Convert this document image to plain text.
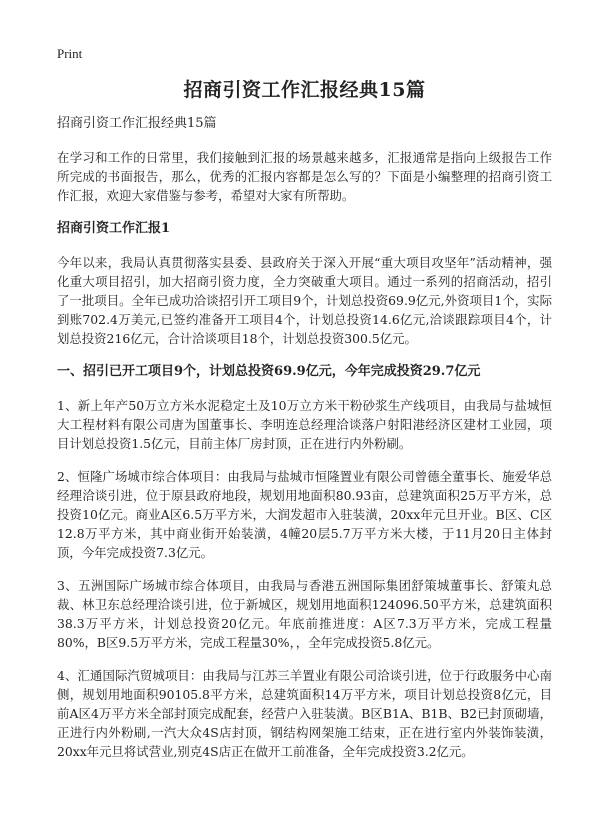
Print
招商引资工作汇报经典15篇

招商引资工作汇报经典15篇

在学习和工作的日常里，我们接触到汇报的场景越来越多，汇报通常是指向上级报告工作所完成的书面报告，那么，优秀的汇报内容都是怎么写的？下面是小编整理的招商引资工作汇报，欢迎大家借鉴与参考，希望对大家有所帮助。

招商引资工作汇报1

今年以来，我局认真贯彻落实县委、县政府关于深入开展“重大项目攻坚年”活动精神，强化重大项目招引，加大招商引资力度，全力突破重大项目。通过一系列的招商活动，招引了一批项目。全年已成功洽谈招引开工项目9个，计划总投资69.9亿元,外资项目1个，实际到账702.4万美元,已签约准备开工项目4个，计划总投资14.6亿元,洽谈跟踪项目4个，计划总投资216亿元，合计洽谈项目18个，计划总投资300.5亿元。

一、招引已开工项目9个，计划总投资69.9亿元，今年完成投资29.7亿元

1、新上年产50万立方米水泥稳定土及10万立方米干粉砂浆生产线项目，由我局与盐城恒大工程材料有限公司唐为国董事长、李明连总经理洽谈落户射阳港经济区建材工业园，项目计划总投资1.5亿元，目前主体厂房封顶，正在进行内外粉刷。

2、恒隆广场城市综合体项目：由我局与盐城市恒隆置业有限公司曾德全董事长、施爱华总经理洽谈引进，位于原县政府地段，规划用地面积80.93亩，总建筑面积25万平方米，总投资10亿元。商业A区6.5万平方米，大润发超市入驻装潢，20xx年元旦开业。B区、C区12.8万平方米，其中商业街开始装潢，4幢20层5.7万平方米大楼，于11月20日主体封顶，今年完成投资7.3亿元。

3、五洲国际广场城市综合体项目，由我局与香港五洲国际集团舒策城董事长、舒策丸总裁、林卫东总经理洽谈引进，位于新城区，规划用地面积124096.50平方米，总建筑面积38.3万平方米，计划总投资20亿元。年底前推进度：A区7.3万平方米，完成工程量80%，B区9.5万平方米，完成工程量30%，，全年完成投资5.8亿元。

4、汇通国际汽贸城项目：由我局与江苏三羊置业有限公司洽谈引进，位于行政服务中心南侧，规划用地面积90105.8平方米，总建筑面积14万平方米，项目计划总投资8亿元，目前A区4万平方米全部封顶完成配套，经营户入驻装潢。B区B1A、B1B、B2已封顶砌墙，正进行内外粉刷,一汽大众4S店封顶，钢结构网架施工结束，正在进行室内外装饰装潢，20xx年元旦将试营业,别克4S店正在做开工前准备，全年完成投资3.2亿元。
